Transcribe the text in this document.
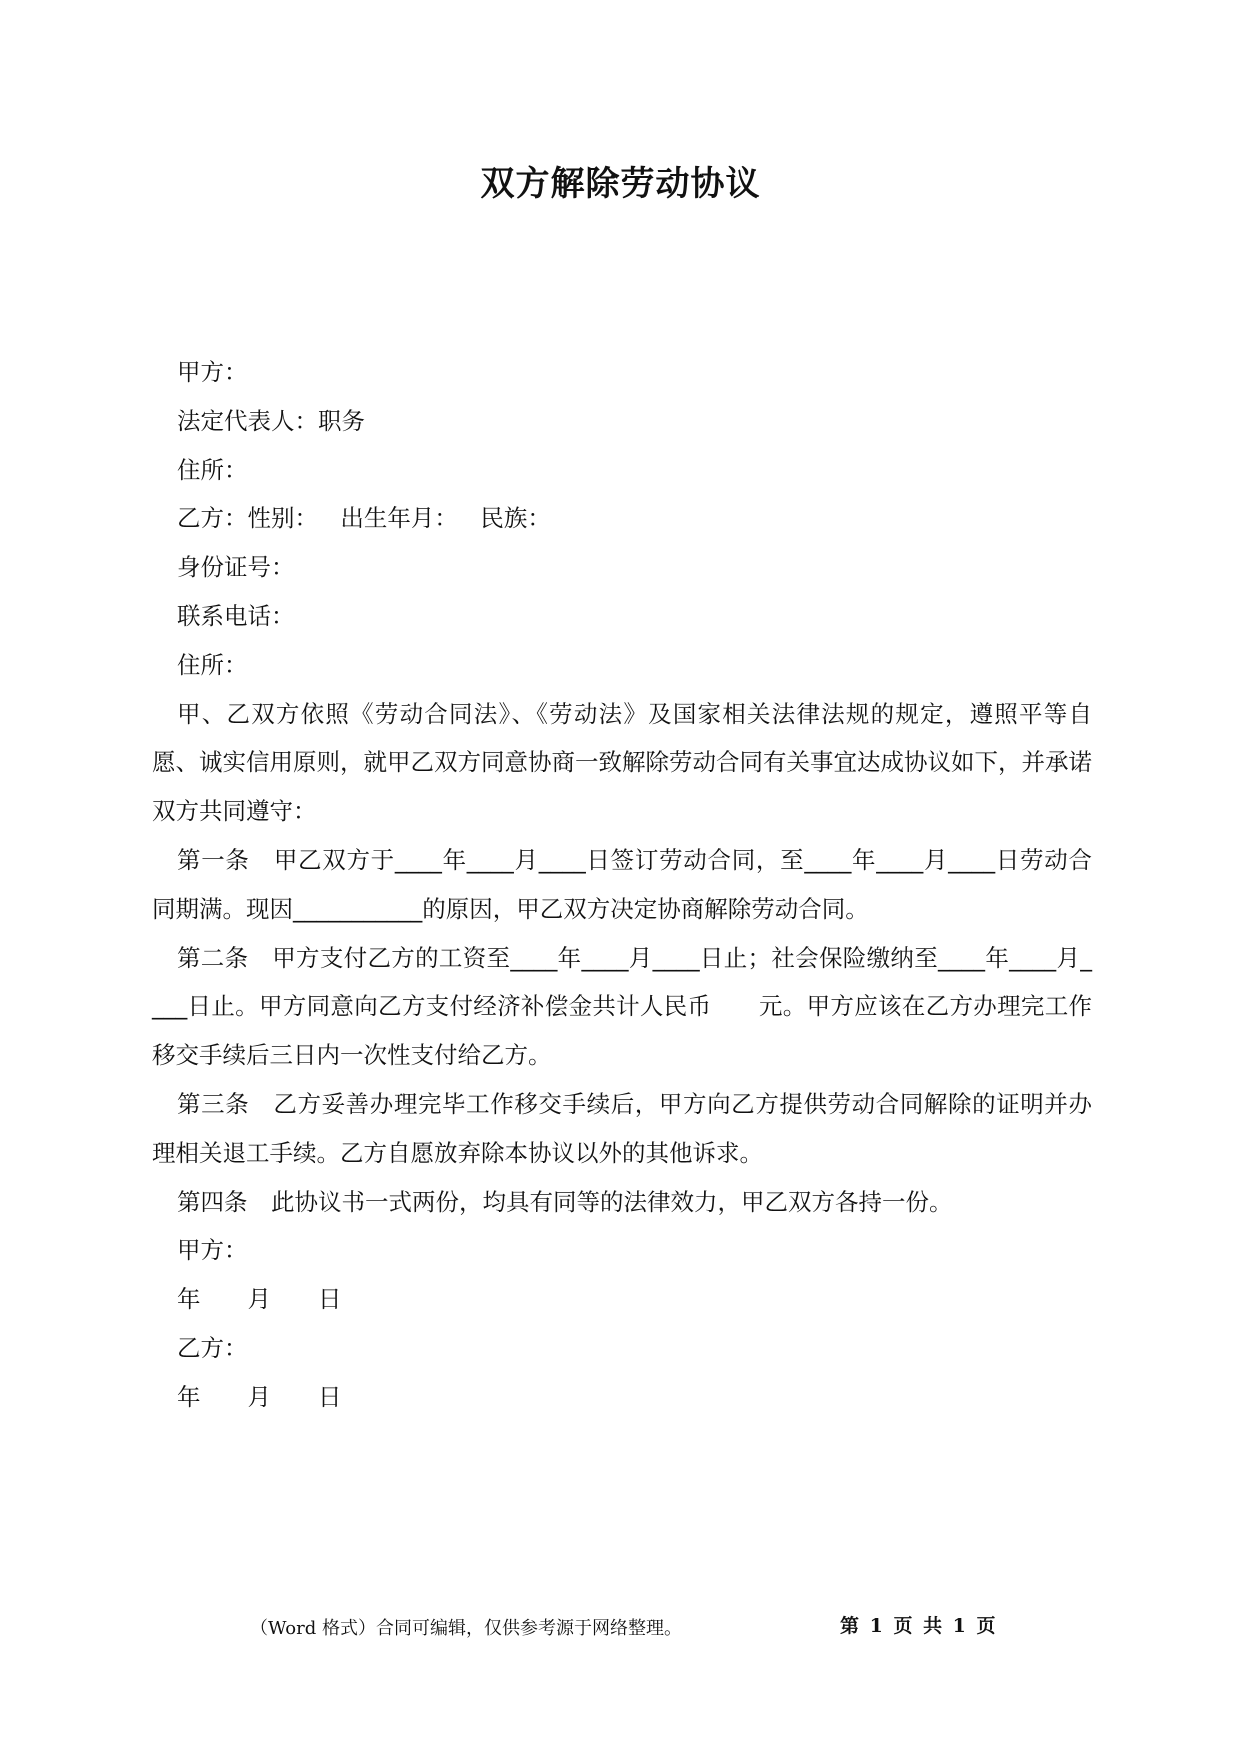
双方解除劳动协议
甲方：
法定代表人：职务
住所：
乙方：性别：   出生年月：   民族：
身份证号：
联系电话：
住所：
甲、乙双方依照《劳动合同法》、《劳动法》及国家相关法律法规的规定，遵照平等自愿、诚实信用原则，就甲乙双方同意协商一致解除劳动合同有关事宜达成协议如下，并承诺双方共同遵守：
第一条　甲乙双方于____年____月____日签订劳动合同，至____年____月____日劳动合同期满。现因___________的原因，甲乙双方决定协商解除劳动合同。
第二条　甲方支付乙方的工资至____年____月____日止；社会保险缴纳至____年____月____日止。甲方同意向乙方支付经济补偿金共计人民币　　元。甲方应该在乙方办理完工作移交手续后三日内一次性支付给乙方。
第三条　乙方妥善办理完毕工作移交手续后，甲方向乙方提供劳动合同解除的证明并办理相关退工手续。乙方自愿放弃除本协议以外的其他诉求。
第四条　此协议书一式两份，均具有同等的法律效力，甲乙双方各持一份。
甲方：
年　　月　　日
乙方：
年　　月　　日
（Word 格式）合同可编辑，仅供参考源于网络整理。	第 1 页 共 1 页
